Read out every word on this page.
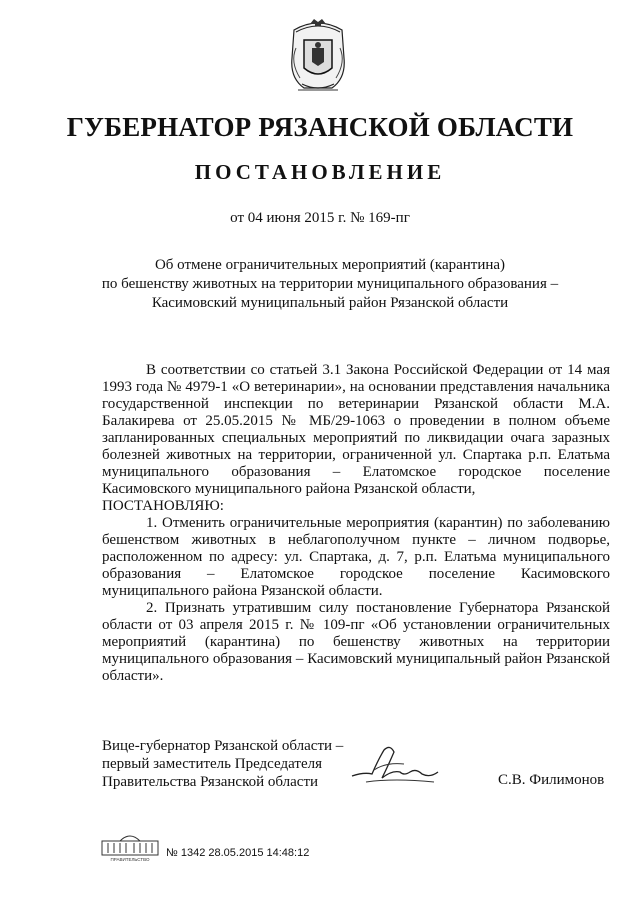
ГУБЕРНАТОР РЯЗАНСКОЙ ОБЛАСТИ
ПОСТАНОВЛЕНИЕ
от 04 июня 2015 г. № 169-пг
Об отмене ограничительных мероприятий (карантина)
по бешенству животных на территории муниципального образования –
Касимовский муниципальный район Рязанской области
В соответствии со статьей 3.1 Закона Российской Федерации от 14 мая 1993 года № 4979-1 «О ветеринарии», на основании представления начальника государственной инспекции по ветеринарии Рязанской области М.А. Балакирева от 25.05.2015 № МБ/29-1063 о проведении в полном объеме запланированных специальных мероприятий по ликвидации очага заразных болезней животных на территории, ограниченной ул. Спартака р.п. Елатьма муниципального образования – Елатомское городское поселение Касимовского муниципального района Рязанской области,
ПОСТАНОВЛЯЮ:
1. Отменить ограничительные мероприятия (карантин) по заболеванию бешенством животных в неблагополучном пункте – личном подворье, расположенном по адресу: ул. Спартака, д. 7, р.п. Елатьма муниципального образования – Елатомское городское поселение Касимовского муниципального района Рязанской области.
2. Признать утратившим силу постановление Губернатора Рязанской области от 03 апреля 2015 г. № 109-пг «Об установлении ограничительных мероприятий (карантина) по бешенству животных на территории муниципального образования – Касимовский муниципальный район Рязанской области».
Вице-губернатор Рязанской области –
первый заместитель Председателя
Правительства Рязанской области	С.В. Филимонов
ПРАВИТЕЛЬСТВО
№ 1342 28.05.2015 14:48:12
